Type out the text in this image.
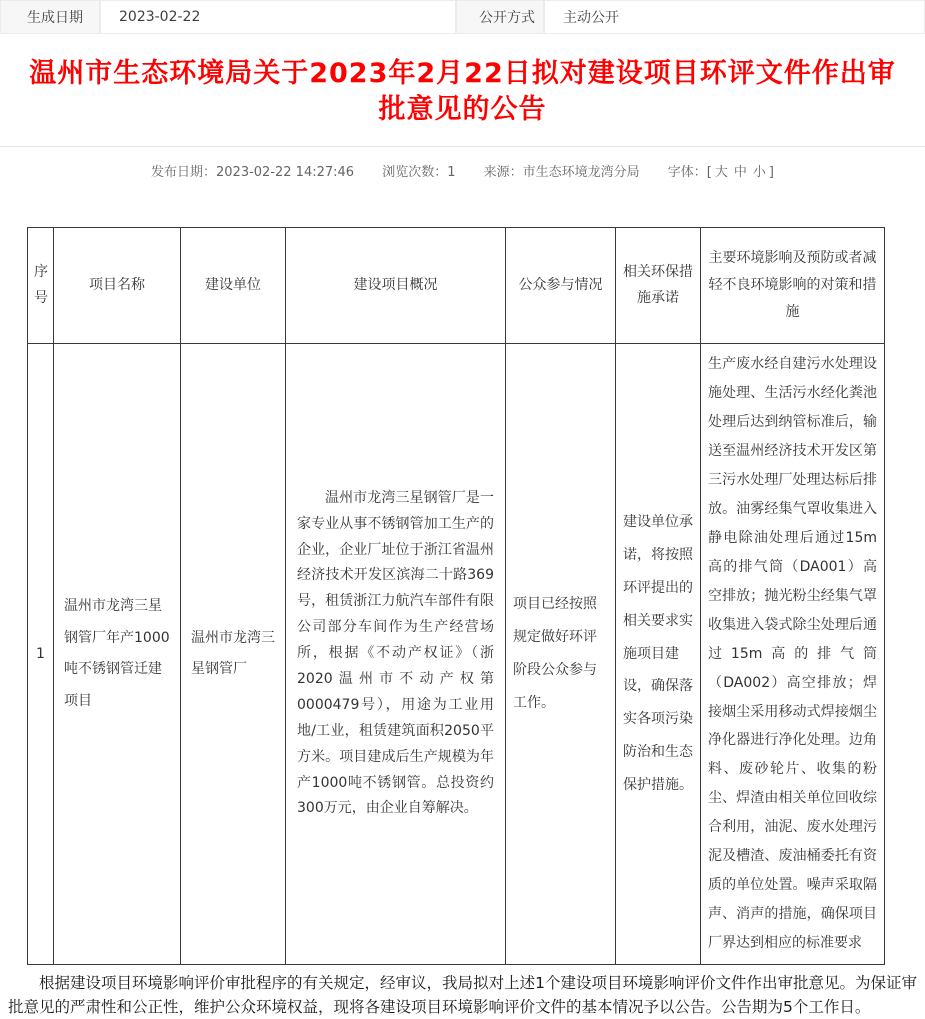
生成日期	2023-02-22	公开方式	主动公开
温州市生态环境局关于2023年2月22日拟对建设项目环评文件作出审批意见的公告
发布日期：2023-02-22 14:27:46 浏览次数：1 来源：市生态环境龙湾分局 字体：[ 大 中 小 ]
序号	项目名称	建设单位	建设项目概况	公众参与情况	相关环保措施承诺	主要环境影响及预防或者减轻不良环境影响的对策和措施
1	温州市龙湾三星钢管厂年产1000吨不锈钢管迁建项目	温州市龙湾三星钢管厂	温州市龙湾三星钢管厂是一家专业从事不锈钢管加工生产的企业，企业厂址位于浙江省温州经济技术开发区滨海二十路369号，租赁浙江力航汽车部件有限公司部分车间作为生产经营场所，根据《不动产权证》（浙2020温州市不动产权第0000479号），用途为工业用地/工业，租赁建筑面积2050平方米。项目建成后生产规模为年产1000吨不锈钢管。总投资约300万元，由企业自筹解决。	项目已经按照规定做好环评阶段公众参与工作。	建设单位承诺，将按照环评提出的相关要求实施项目建设，确保落实各项污染防治和生态保护措施。	生产废水经自建污水处理设施处理、生活污水经化粪池处理后达到纳管标准后，输送至温州经济技术开发区第三污水处理厂处理达标后排放。油雾经集气罩收集进入静电除油处理后通过15m高的排气筒（DA001）高空排放；抛光粉尘经集气罩收集进入袋式除尘处理后通过15m高的排气筒（DA002）高空排放；焊接烟尘采用移动式焊接烟尘净化器进行净化处理。边角料、废砂轮片、收集的粉尘、焊渣由相关单位回收综合利用，油泥、废水处理污泥及槽渣、废油桶委托有资质的单位处置。噪声采取隔声、消声的措施，确保项目厂界达到相应的标准要求

根据建设项目环境影响评价审批程序的有关规定，经审议，我局拟对上述1个建设项目环境影响评价文件作出审批意见。为保证审批意见的严肃性和公正性，维护公众环境权益，现将各建设项目环境影响评价文件的基本情况予以公告。公告期为5个工作日。
